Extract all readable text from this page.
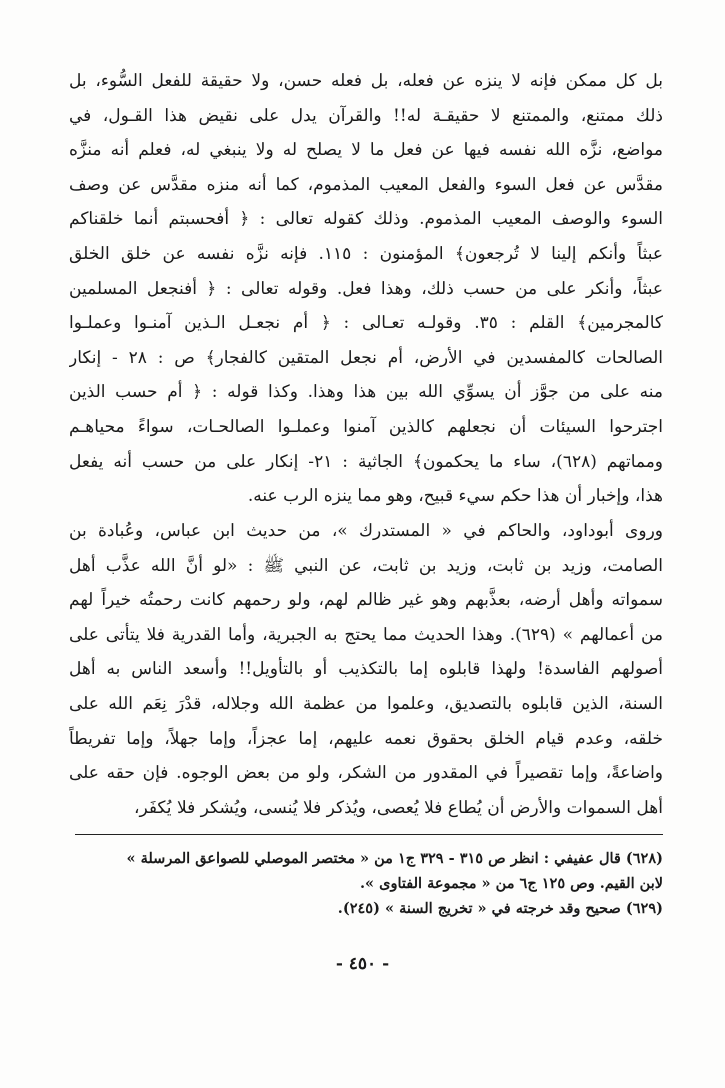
بل كل ممكن فإنه لا ينزه عن فعله، بل فعله حسن، ولا حقيقة للفعل السُّوء، بل
ذلك ممتنع، والممتنع لا حقيقـة له!! والقرآن يدل على نقيض هذا القـول، في
مواضع، نزَّه الله نفسه فيها عن فعل ما لا يصلح له ولا ينبغي له، فعلم أنه منزَّه
مقدَّس عن فعل السوء والفعل المعيب المذموم، كما أنه منزه مقدَّس عن وصف
السوء والوصف المعيب المذموم. وذلك كقوله تعالى : ﴿ أفحسبتم أنما خلقناكم
عبثاً وأنكم إلينا لا تُرجعون﴾ المؤمنون : ١١٥. فإنه نزَّه نفسه عن خلق الخلق
عبثاً، وأنكر على من حسب ذلك، وهذا فعل. وقوله تعالى : ﴿ أفنجعل المسلمين
كالمجرمين﴾ القلم : ٣٥. وقولـه تعـالى : ﴿ أم نجعـل الـذين آمنـوا وعملـوا
الصالحات كالمفسدين في الأرض، أم نجعل المتقين كالفجار﴾ ص : ٢٨ - إنكار
منه على من جوَّز أن يسوِّي الله بين هذا وهذا. وكذا قوله : ﴿ أم حسب الذين
اجترحوا السيئات أن نجعلهم كالذين آمنوا وعملـوا الصالحـات، سواءً محياهـم
ومماتهم (٦٢٨)، ساء ما يحكمون﴾ الجاثية : ٢١- إنكار على من حسب أنه يفعل
هذا، وإخبار أن هذا حكم سيء قبيح، وهو مما ينزه الرب عنه.
وروى أبوداود، والحاكم في « المستدرك »، من حديث ابن عباس، وعُبادة بن
الصامت، وزيد بن ثابت، وزيد بن ثابت، عن النبي ﷺ : «لو أنَّ الله عذَّب أهل
سمواته وأهل أرضه، بعذَّبهم وهو غير ظالم لهم، ولو رحمهم كانت رحمتُه خيراً لهم
من أعمالهم » (٦٢٩). وهذا الحديث مما يحتج به الجبرية، وأما القدرية فلا يتأتى على
أصولهم الفاسدة! ولهذا قابلوه إما بالتكذيب أو بالتأويل!! وأسعد الناس به أهل
السنة، الذين قابلوه بالتصديق، وعلموا من عظمة الله وجلاله، قدْرَ نِعَم الله على
خلقه، وعدم قيام الخلق بحقوق نعمه عليهم، إما عجزاً، وإما جهلاً، وإما تفريطاً
واضاعةً، وإما تقصيراً في المقدور من الشكر، ولو من بعض الوجوه. فإن حقه على
أهل السموات والأرض أن يُطاع فلا يُعصى، ويُذكر فلا يُنسى، ويُشكر فلا يُكفَر،
(٦٢٨) قال عفيفي : انظر ص ٣١٥ - ٣٢٩ ج١ من « مختصر الموصلي للصواعق المرسلة »
لابن القيم. وص ١٢٥ ج٦ من « مجموعة الفتاوى ».
(٦٢٩) صحيح وقد خرجته في « تخريج السنة » (٢٤٥).
- ٤٥٠ -
